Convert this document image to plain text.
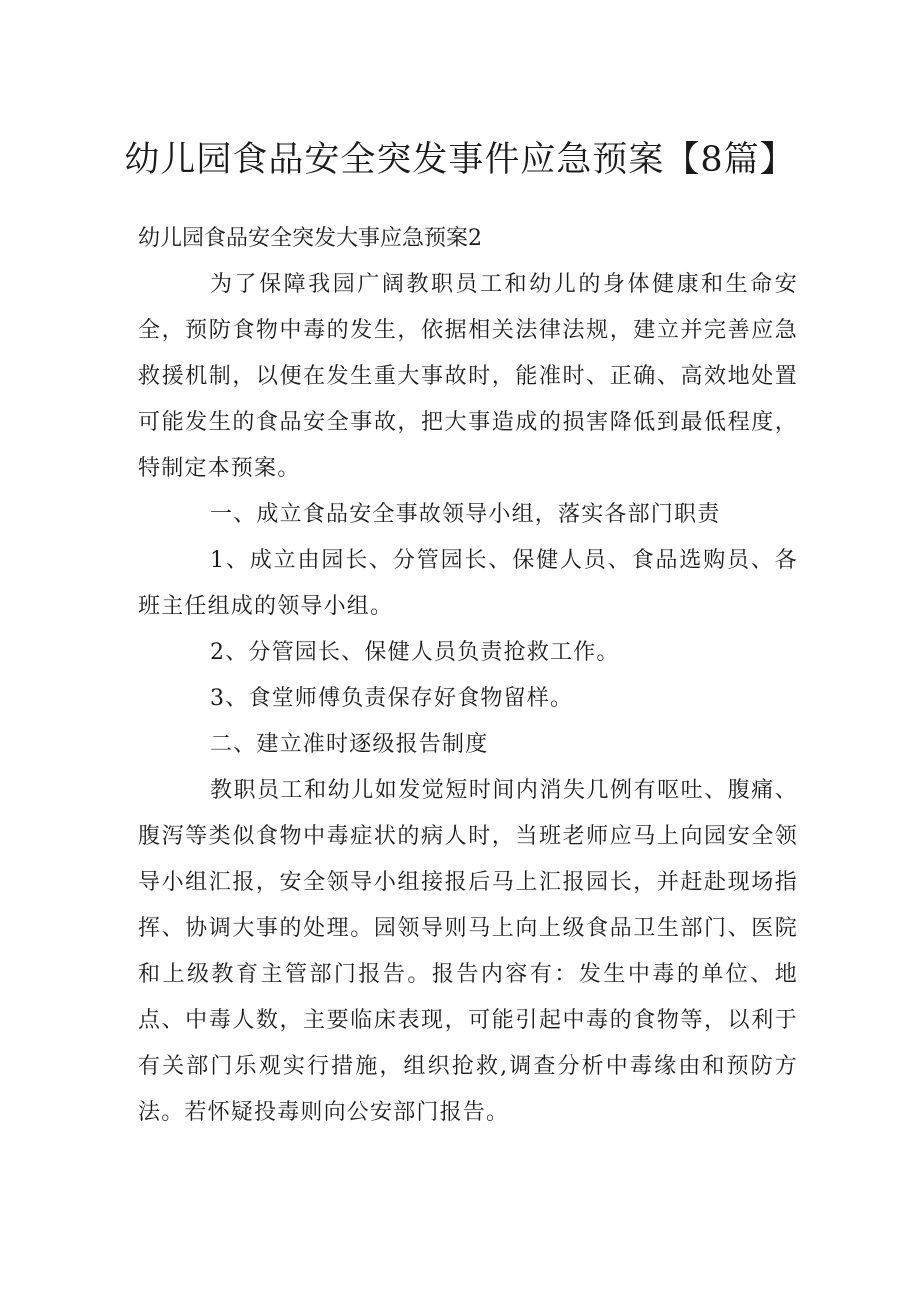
幼儿园食品安全突发事件应急预案【8篇】
幼儿园食品安全突发大事应急预案2

为了保障我园广阔教职员工和幼儿的身体健康和生命安全，预防食物中毒的发生，依据相关法律法规，建立并完善应急救援机制，以便在发生重大事故时，能准时、正确、高效地处置可能发生的食品安全事故，把大事造成的损害降低到最低程度，特制定本预案。

一、成立食品安全事故领导小组，落实各部门职责

1、成立由园长、分管园长、保健人员、食品选购员、各班主任组成的领导小组。

2、分管园长、保健人员负责抢救工作。

3、食堂师傅负责保存好食物留样。

二、建立准时逐级报告制度

教职员工和幼儿如发觉短时间内消失几例有呕吐、腹痛、腹泻等类似食物中毒症状的病人时，当班老师应马上向园安全领导小组汇报，安全领导小组接报后马上汇报园长，并赶赴现场指挥、协调大事的处理。园领导则马上向上级食品卫生部门、医院和上级教育主管部门报告。报告内容有：发生中毒的单位、地点、中毒人数，主要临床表现，可能引起中毒的食物等，以利于有关部门乐观实行措施，组织抢救,调查分析中毒缘由和预防方法。若怀疑投毒则向公安部门报告。
